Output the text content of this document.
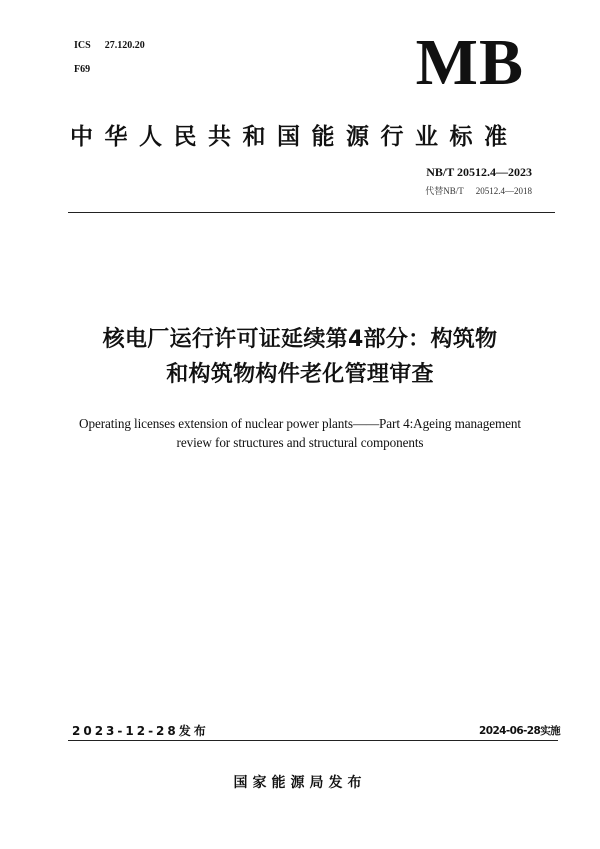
ICS 27.120.20
F69	MB
中华人民共和国能源行业标准
NB/T 20512.4—2023
代替NB/T 20512.4—2018
核电厂运行许可证延续第4部分：构筑物
和构筑物构件老化管理审查
Operating licenses extension of nuclear power plants——Part 4:Ageing management
review for structures and structural components
2023-12-28发布	2024-06-28实施
国家能源局发布
